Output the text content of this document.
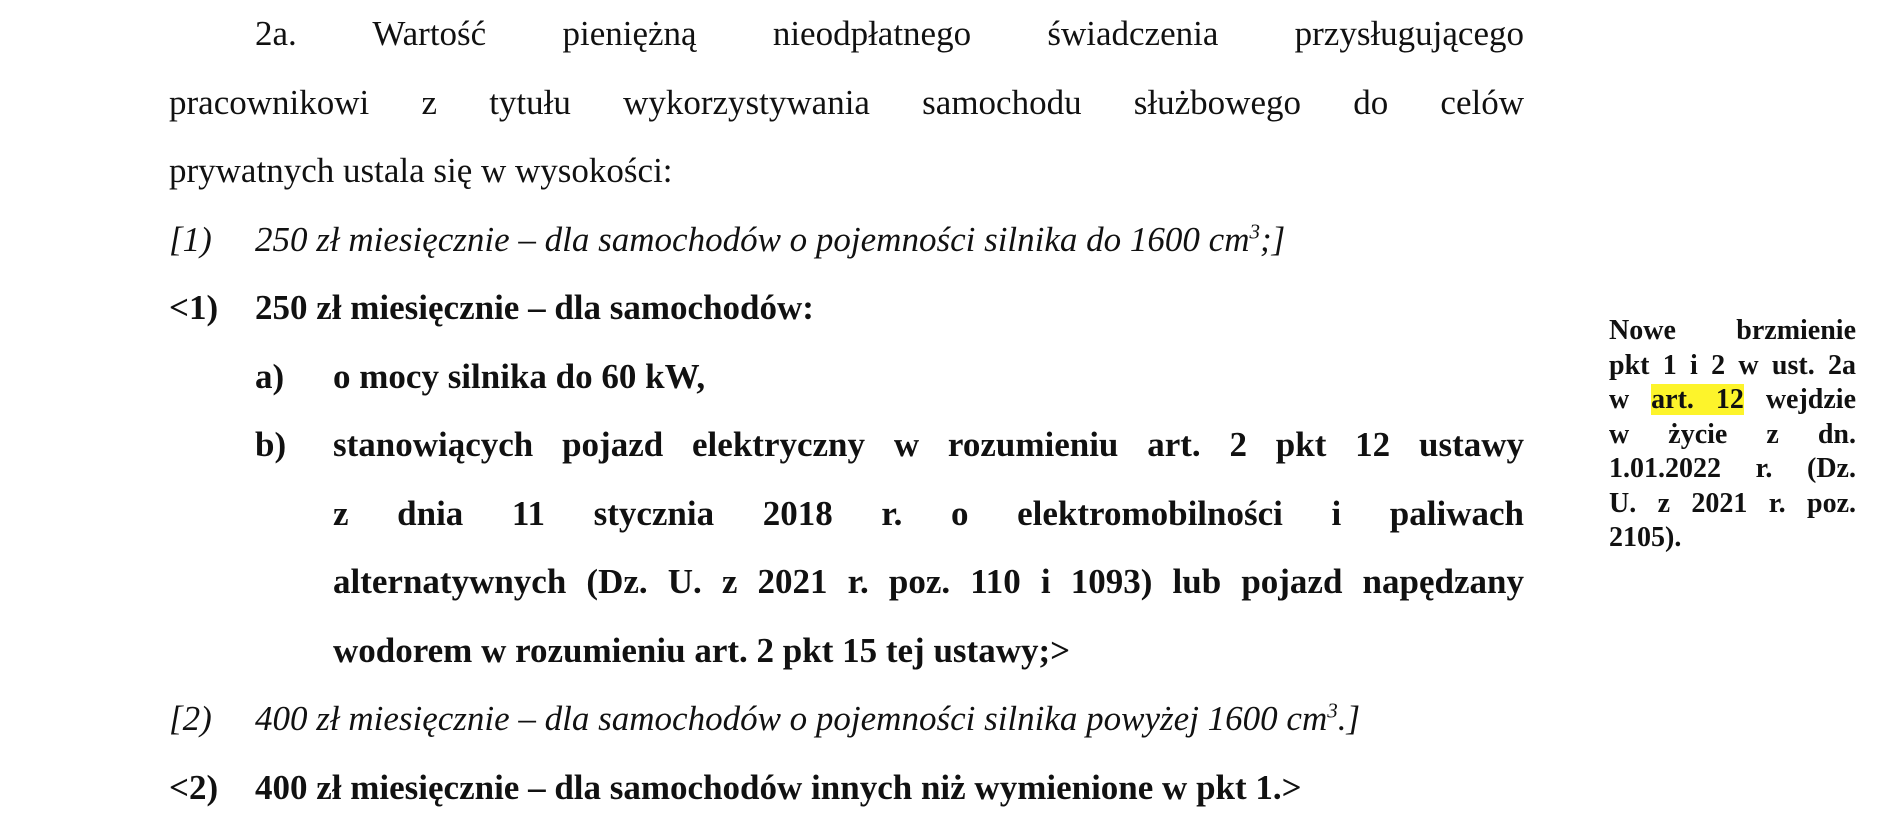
2a. Wartość pieniężną nieodpłatnego świadczenia przysługującego
pracownikowi z tytułu wykorzystywania samochodu służbowego do celów
prywatnych ustala się w wysokości:
[1)	250 zł miesięcznie – dla samochodów o pojemności silnika do 1600 $cm^3$;]
<1)	250 zł miesięcznie – dla samochodów:
a)	o mocy silnika do 60 kW,
b)	stanowiących pojazd elektryczny w rozumieniu art. 2 pkt 12 ustawy
z dnia 11 stycznia 2018 r. o elektromobilności i paliwach
alternatywnych (Dz. U. z 2021 r. poz. 110 i 1093) lub pojazd napędzany
wodorem w rozumieniu art. 2 pkt 15 tej ustawy;>
[2)	400 zł miesięcznie – dla samochodów o pojemności silnika powyżej 1600 $cm^3$.]
<2)	400 zł miesięcznie – dla samochodów innych niż wymienione w pkt 1.>
Nowe brzmienie
pkt 1 i 2 w ust. 2a
w art. 12 wejdzie
w życie z dn.
1.01.2022 r. (Dz.
U. z 2021 r. poz.
2105).
